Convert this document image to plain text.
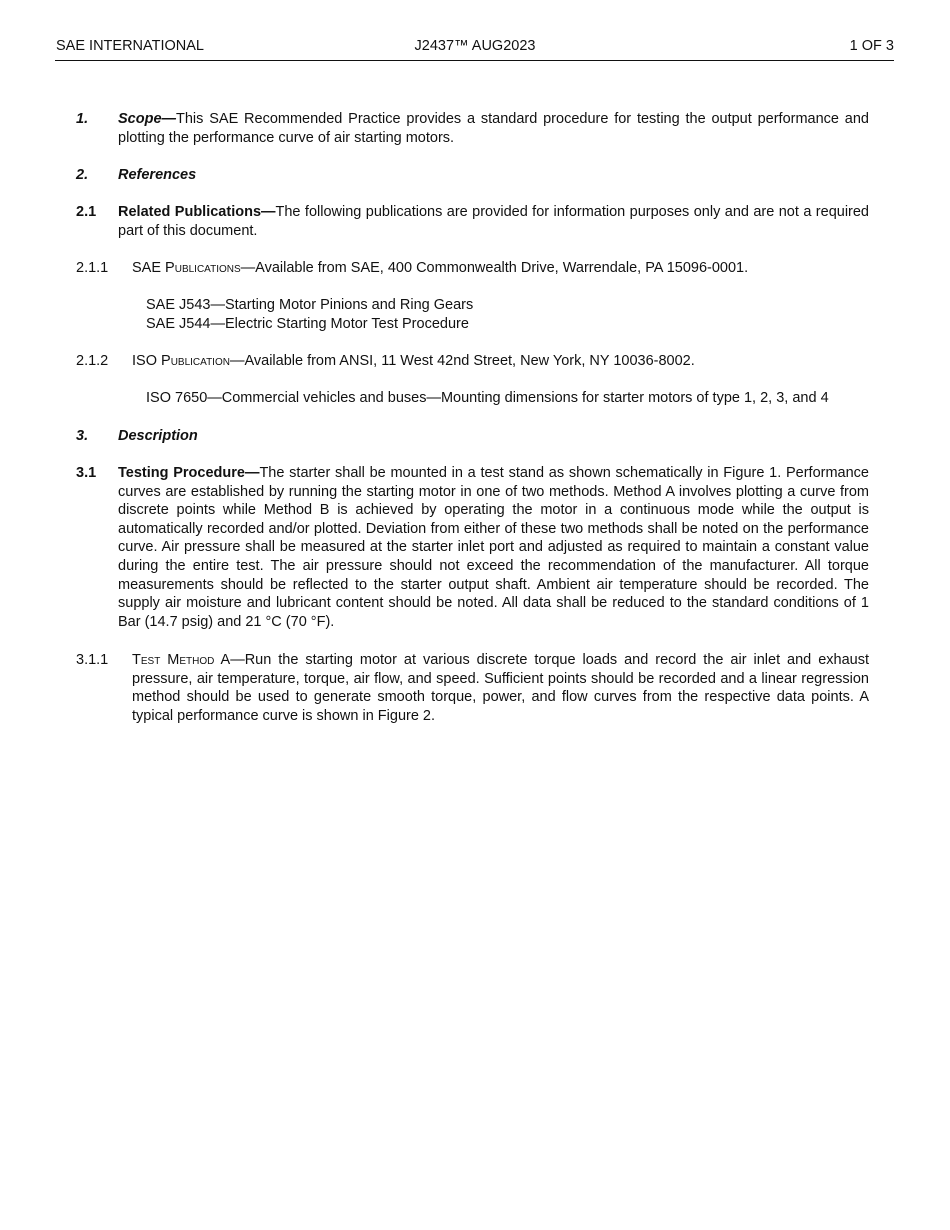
SAE INTERNATIONAL	J2437™ AUG2023	1 OF 3
1. Scope—This SAE Recommended Practice provides a standard procedure for testing the output performance and plotting the performance curve of air starting motors.
2. References
2.1 Related Publications—The following publications are provided for information purposes only and are not a required part of this document.
2.1.1 SAE Publications—Available from SAE, 400 Commonwealth Drive, Warrendale, PA 15096-0001.
SAE J543—Starting Motor Pinions and Ring Gears
SAE J544—Electric Starting Motor Test Procedure
2.1.2 ISO Publication—Available from ANSI, 11 West 42nd Street, New York, NY 10036-8002.
ISO 7650—Commercial vehicles and buses—Mounting dimensions for starter motors of type 1, 2, 3, and 4
3. Description
3.1 Testing Procedure—The starter shall be mounted in a test stand as shown schematically in Figure 1. Performance curves are established by running the starting motor in one of two methods. Method A involves plotting a curve from discrete points while Method B is achieved by operating the motor in a continuous mode while the output is automatically recorded and/or plotted. Deviation from either of these two methods shall be noted on the performance curve. Air pressure shall be measured at the starter inlet port and adjusted as required to maintain a constant value during the entire test. The air pressure should not exceed the recommendation of the manufacturer. All torque measurements should be reflected to the starter output shaft. Ambient air temperature should be recorded. The supply air moisture and lubricant content should be noted. All data shall be reduced to the standard conditions of 1 Bar (14.7 psig) and 21 °C (70 °F).
3.1.1 Test Method A—Run the starting motor at various discrete torque loads and record the air inlet and exhaust pressure, air temperature, torque, air flow, and speed. Sufficient points should be recorded and a linear regression method should be used to generate smooth torque, power, and flow curves from the respective data points. A typical performance curve is shown in Figure 2.
